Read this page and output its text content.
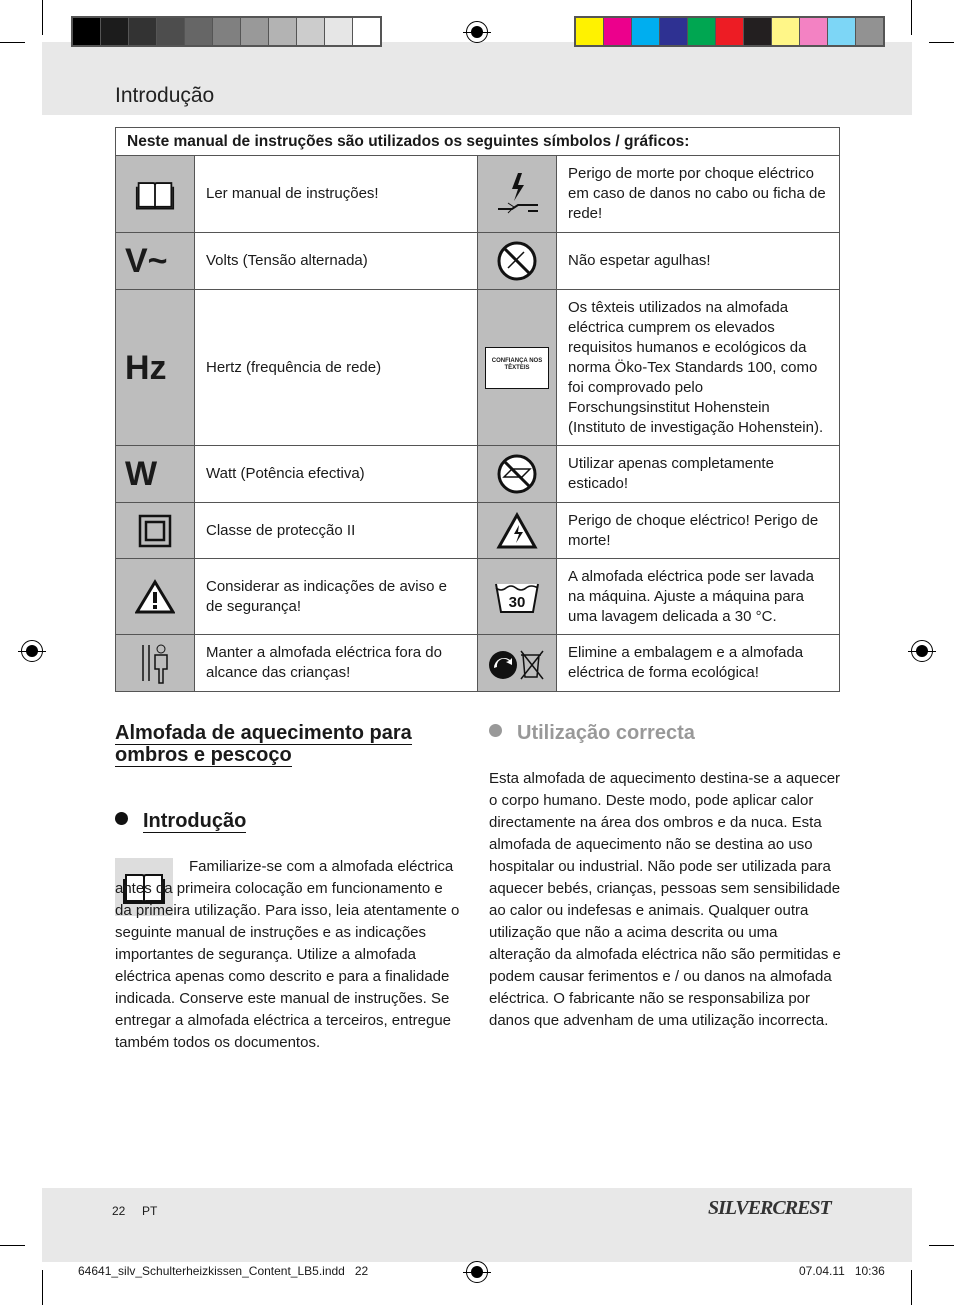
Introdução
Neste manual de instruções são utilizados os seguintes símbolos / gráficos:			
	Ler manual de instruções!		Perigo de morte por choque eléctrico em caso de danos no cabo ou ficha de rede!
V~	Volts (Tensão alternada)		Não espetar agulhas!
Hz	Hertz (frequência de rede)	CONFIANÇA NOS TÊXTEIS	Os têxteis utilizados na almofada eléctrica cumprem os elevados requisitos humanos e ecológicos da norma Öko-Tex Standards 100, como foi comprovado pelo Forschungsinstitut Hohenstein (Instituto de investigação Hohenstein).
W	Watt (Potência efectiva)		Utilizar apenas completamente esticado!
	Classe de protecção II		Perigo de choque eléctrico! Perigo de morte!
	Considerar as indicações de aviso e de segurança!	30	A almofada eléctrica pode ser lavada na máquina. Ajuste a máquina para uma lavagem delicada a 30 °C.
	Manter a almofada eléctrica fora do alcance das crianças!		Elimine a embalagem e a almofada eléctrica de forma ecológica!
Almofada de aquecimento para ombros e pescoço
Introdução
Familiarize-se com a almofada eléctrica antes da primeira colocação em funcionamento e da primeira utilização. Para isso, leia atentamente o seguinte manual de instruções e as indicações importantes de segurança. Utilize a almofada eléctrica apenas como descrito e para a finalidade indicada. Conserve este manual de instruções. Se entregar a almofada eléctrica a terceiros, entregue também todos os documentos.
Utilização correcta
Esta almofada de aquecimento destina-se a aquecer o corpo humano. Deste modo, pode aplicar calor directamente na área dos ombros e da nuca. Esta almofada de aquecimento não se destina ao uso hospitalar ou industrial. Não pode ser utilizada para aquecer bebés, crianças, pessoas sem sensibilidade ao calor ou indefesas e animais. Qualquer outra utilização que não a acima descrita ou uma alteração da almofada eléctrica não são permitidas e podem causar ferimentos e / ou danos na almofada eléctrica. O fabricante não se responsabiliza por danos que advenham de uma utilização incorrecta.
22 PT	SILVERCREST
64641_silv_Schulterheizkissen_Content_LB5.indd   22	07.04.11   10:36
